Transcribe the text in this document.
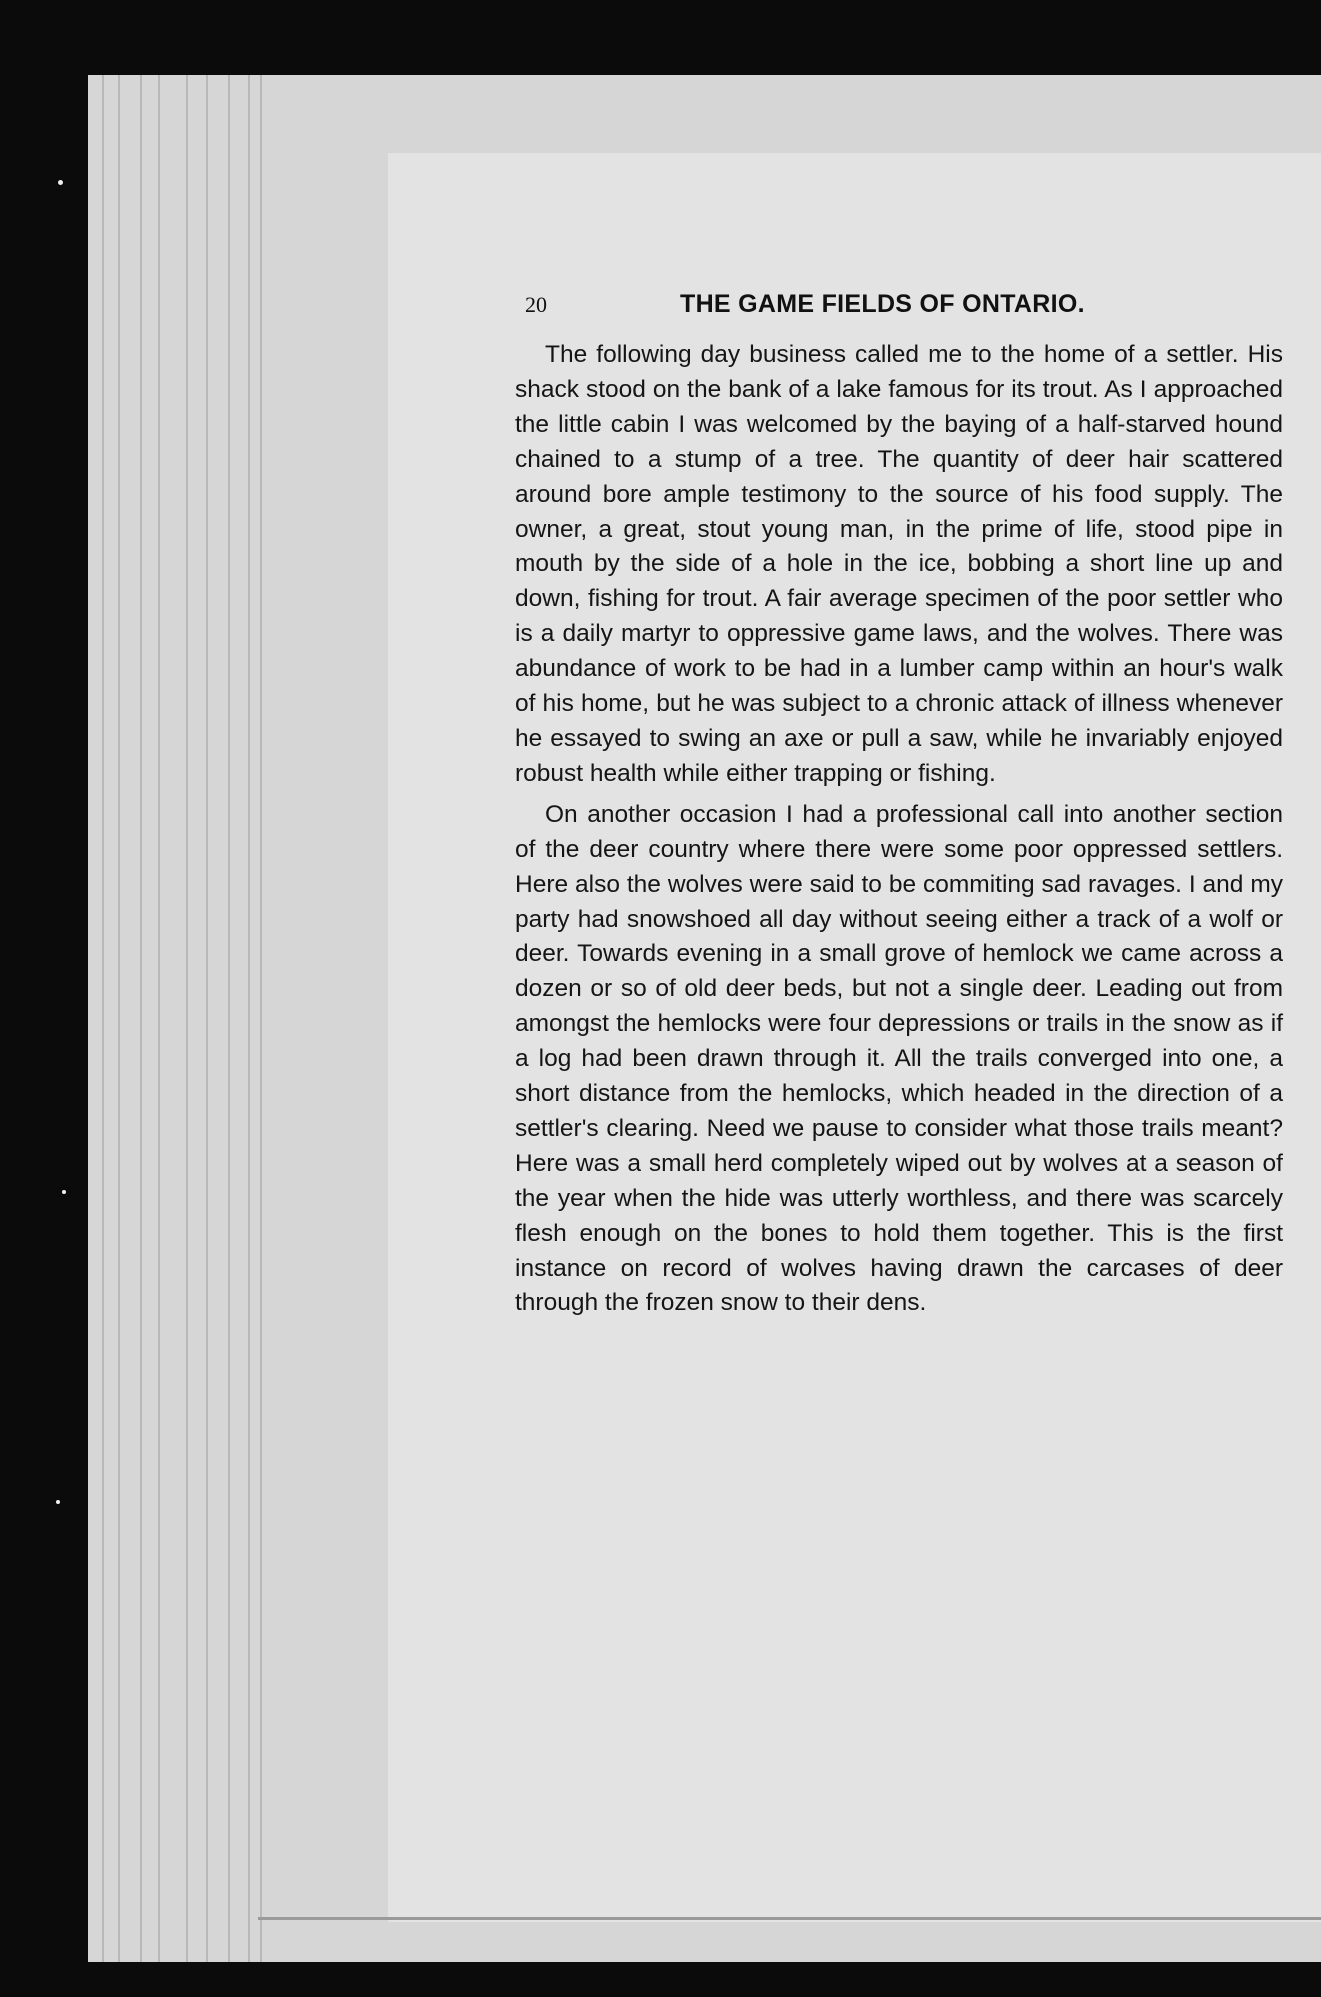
20	THE GAME FIELDS OF ONTARIO.

The following day business called me to the home of a settler. His shack stood on the bank of a lake famous for its trout. As I approached the little cabin I was welcomed by the baying of a half-starved hound chained to a stump of a tree. The quantity of deer hair scattered around bore ample testimony to the source of his food supply. The owner, a great, stout young man, in the prime of life, stood pipe in mouth by the side of a hole in the ice, bobbing a short line up and down, fishing for trout. A fair average specimen of the poor settler who is a daily martyr to oppressive game laws, and the wolves. There was abundance of work to be had in a lumber camp within an hour's walk of his home, but he was subject to a chronic attack of illness whenever he essayed to swing an axe or pull a saw, while he invariably enjoyed robust health while either trapping or fishing.

On another occasion I had a professional call into another section of the deer country where there were some poor oppressed settlers. Here also the wolves were said to be commiting sad ravages. I and my party had snowshoed all day without seeing either a track of a wolf or deer. Towards evening in a small grove of hemlock we came across a dozen or so of old deer beds, but not a single deer. Leading out from amongst the hemlocks were four depressions or trails in the snow as if a log had been drawn through it. All the trails converged into one, a short distance from the hemlocks, which headed in the direction of a settler's clearing. Need we pause to consider what those trails meant? Here was a small herd completely wiped out by wolves at a season of the year when the hide was utterly worthless, and there was scarcely flesh enough on the bones to hold them together. This is the first instance on record of wolves having drawn the carcases of deer through the frozen snow to their dens.
